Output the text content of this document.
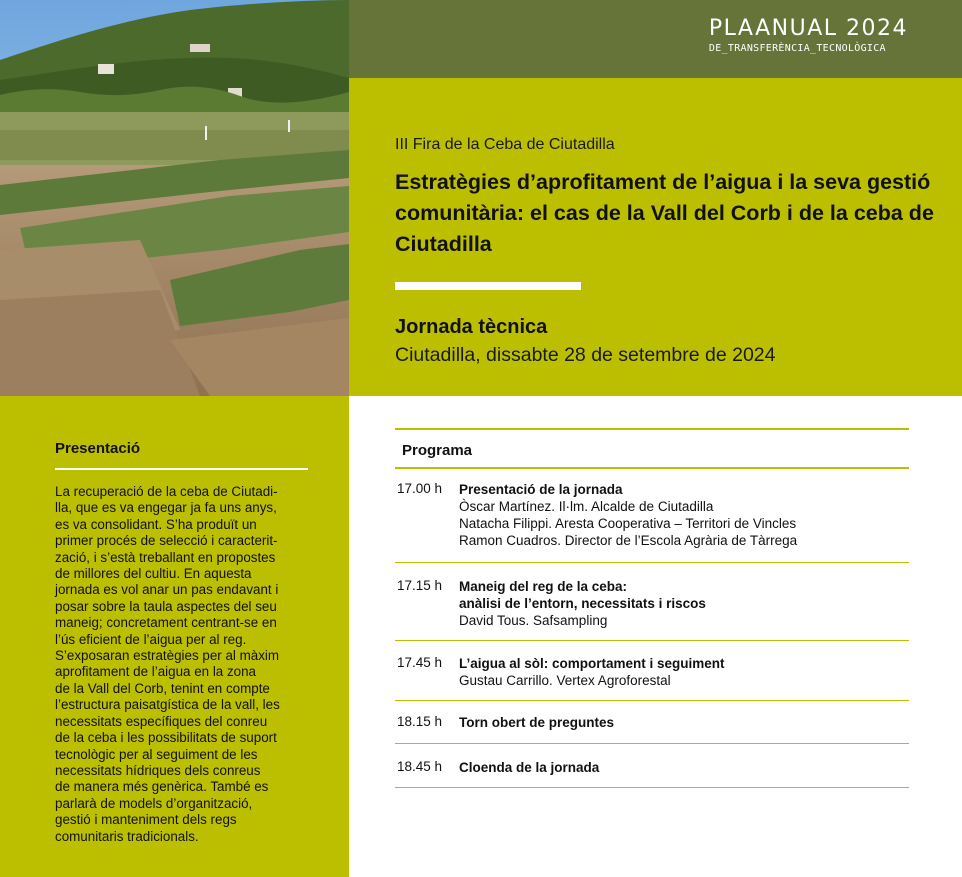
PLAANUAL 2024
DE_TRANSFERÈNCIA_TECNOLÒGICA
III Fira de la Ceba de Ciutadilla
Estratègies d’aprofitament de l’aigua i la seva gestió comunitària: el cas de la Vall del Corb i de la ceba de Ciutadilla
Jornada tècnica
Ciutadilla, dissabte 28 de setembre de 2024
Presentació
La recuperació de la ceba de Ciutadi-
lla, que es va engegar ja fa uns anys,
es va consolidant. S’ha produït un
primer procés de selecció i caracterit-
zació, i s’està treballant en propostes
de millores del cultiu. En aquesta
jornada es vol anar un pas endavant i
posar sobre la taula aspectes del seu
maneig; concretament centrant-se en
l’ús eficient de l’aigua per al reg.
S’exposaran estratègies per al màxim
aprofitament de l’aigua en la zona
de la Vall del Corb, tenint en compte
l’estructura paisatgística de la vall, les
necessitats específiques del conreu
de la ceba i les possibilitats de suport
tecnològic per al seguiment de les
necessitats hídriques dels conreus
de manera més genèrica. També es
parlarà de models d’organització,
gestió i manteniment dels regs
comunitaris tradicionals.
Programa
17.00 h Presentació de la jornada
Òscar Martínez. Il·lm. Alcalde de Ciutadilla
Natacha Filippi. Aresta Cooperativa – Territori de Vincles
Ramon Cuadros. Director de l’Escola Agrària de Tàrrega
17.15 h Maneig del reg de la ceba:
anàlisi de l’entorn, necessitats i riscos
David Tous. Safsampling
17.45 h L’aigua al sòl: comportament i seguiment
Gustau Carrillo. Vertex Agroforestal
18.15 h Torn obert de preguntes
18.45 h Cloenda de la jornada
